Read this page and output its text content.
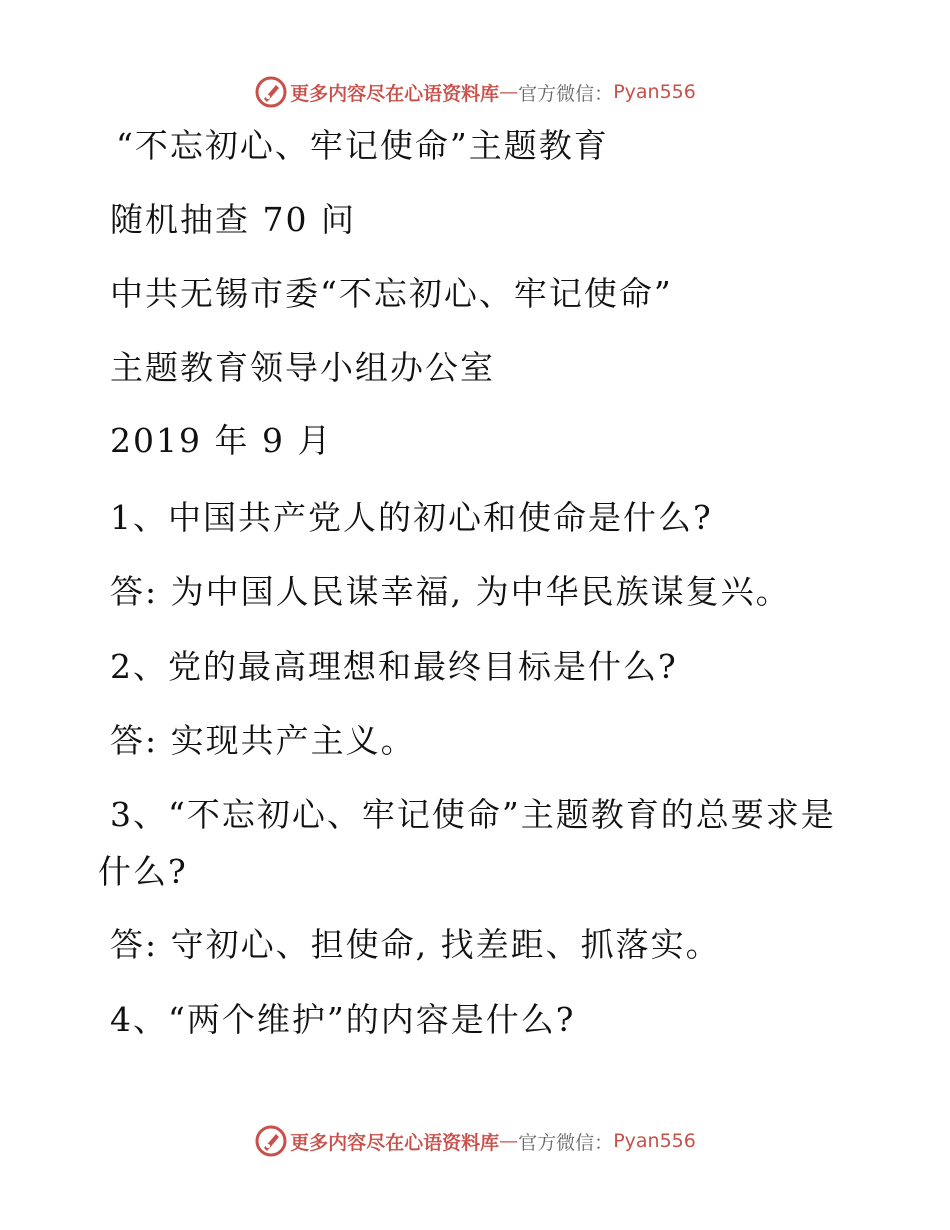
更多内容尽在心语资料库 — 官方微信： Pyan556
“不忘初心、牢记使命”主题教育
随机抽查 70 问
中共无锡市委“不忘初心、牢记使命”
主题教育领导小组办公室
2019 年 9 月
1、中国共产党人的初心和使命是什么?
答: 为中国人民谋幸福, 为中华民族谋复兴。
2、党的最高理想和最终目标是什么?
答: 实现共产主义。
3、“不忘初心、牢记使命”主题教育的总要求是
什么?
答: 守初心、担使命, 找差距、抓落实。
4、“两个维护”的内容是什么?
更多内容尽在心语资料库 — 官方微信： Pyan556
